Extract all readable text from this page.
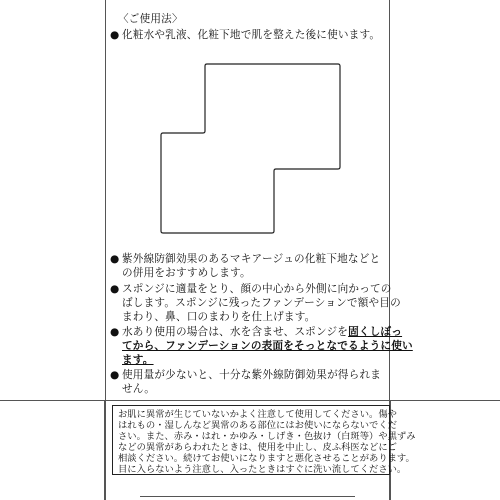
〈ご使用法〉
● 化粧水や乳液、化粧下地で肌を整えた後に使います。
● 紫外線防御効果のあるマキアージュの化粧下地などと
の併用をおすすめします。
● スポンジに適量をとり、顔の中心から外側に向かっての
ばします。スポンジに残ったファンデーションで額や目の
まわり、鼻、口のまわりを仕上げます。
● 水あり使用の場合は、水を含ませ、スポンジを固くしぼっ
てから、ファンデーションの表面をそっとなでるように使い
ます。
● 使用量が少ないと、十分な紫外線防御効果が得られま
せん。
お肌に異常が生じていないかよく注意して使用してください。傷や
はれもの・湿しんなど異常のある部位にはお使いにならないでくだ
さい。また、赤み・はれ・かゆみ・しげき・色抜け（白斑等）や黒ずみ
などの異常があらわれたときは、使用を中止し、皮ふ科医などにご
相談ください。続けてお使いになりますと悪化させることがあります。
目に入らないよう注意し、入ったときはすぐに洗い流してください。
